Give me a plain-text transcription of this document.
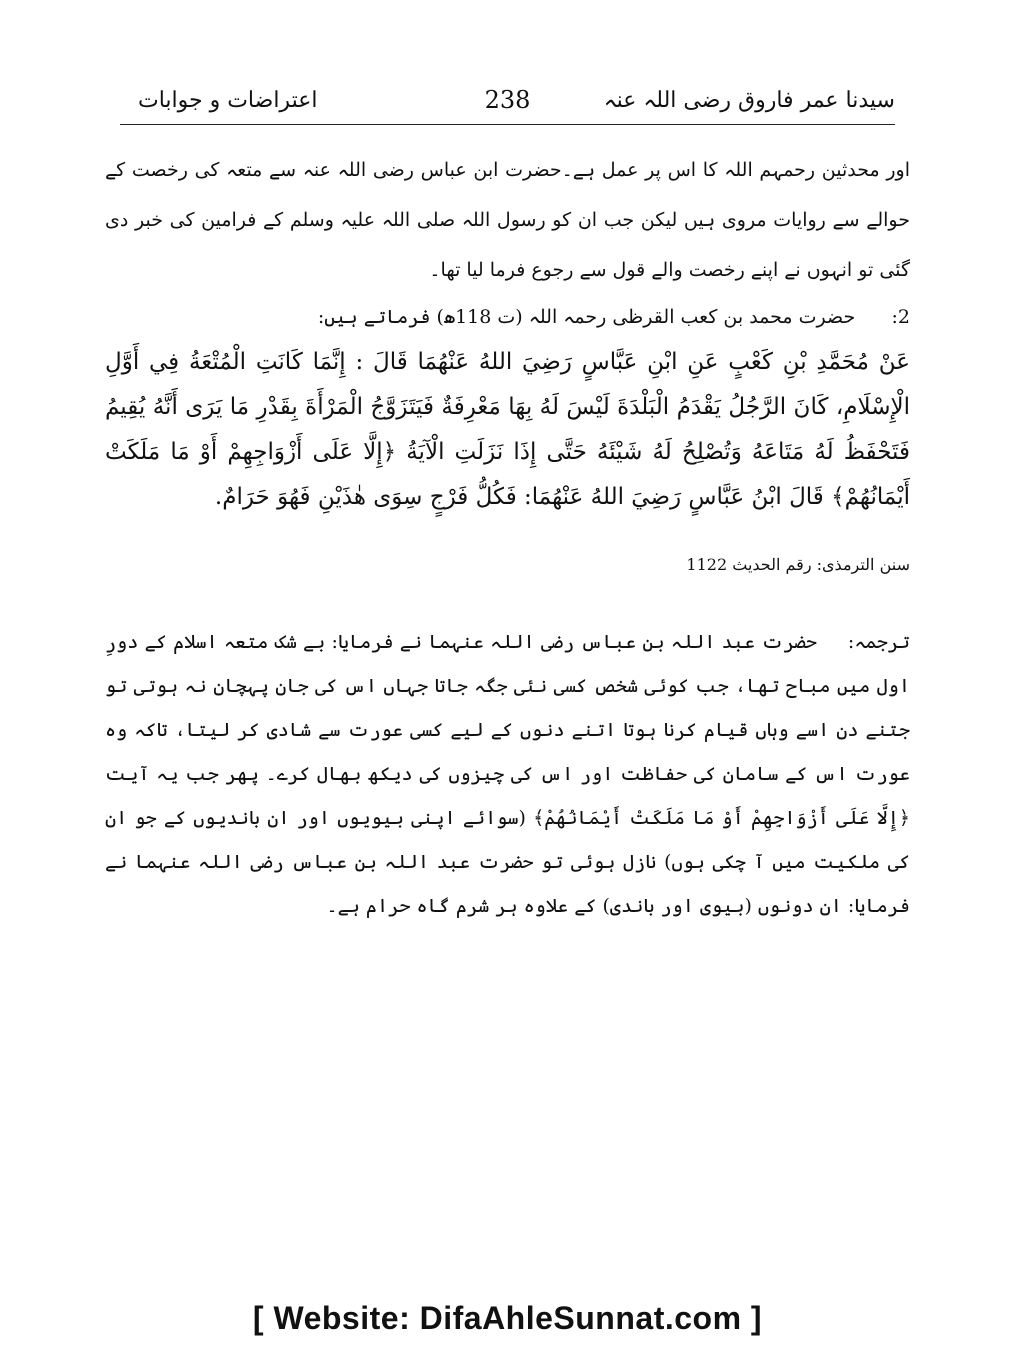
سیدنا عمر فاروق رضی اللہ عنہ
238
اعتراضات و جوابات
اور محدثین رحمہم اللہ کا اس پر عمل ہے۔حضرت ابن عباس رضی اللہ عنہ سے متعہ کی رخصت کے حوالے سے روایات مروی ہیں لیکن جب ان کو رسول اللہ صلی اللہ علیہ وسلم کے فرامین کی خبر دی گئی تو انہوں نے اپنے رخصت والے قول سے رجوع فرما لیا تھا۔
2:      حضرت محمد بن کعب القرظی رحمہ اللہ (ت 118ھ) فرماتے ہیں:
عَنْ مُحَمَّدِ بْنِ كَعْبٍ عَنِ ابْنِ عَبَّاسٍ رَضِيَ اللهُ عَنْهُمَا قَالَ : إِنَّمَا كَانَتِ الْمُتْعَةُ فِي أَوَّلِ الْإِسْلَامِ، كَانَ الرَّجُلُ يَقْدَمُ الْبَلْدَةَ لَيْسَ لَهُ بِهَا مَعْرِفَةٌ فَيَتَزَوَّجُ الْمَرْأَةَ بِقَدْرِ مَا يَرَى أَنَّهُ يُقِيمُ فَتَحْفَظُ لَهُ مَتَاعَهُ وَتُصْلِحُ لَهُ شَيْئَهُ حَتَّى إِذَا نَزَلَتِ الْآيَةُ ﴿إِلَّا عَلَى أَزْوَاجِهِمْ أَوْ مَا مَلَكَتْ أَيْمَانُهُمْ﴾ قَالَ ابْنُ عَبَّاسٍ رَضِيَ اللهُ عَنْهُمَا: فَكُلُّ فَرْجٍ سِوَى هٰذَيْنِ فَهُوَ حَرَامٌ.
سنن الترمذی: رقم الحدیث 1122
ترجمہ:     حضرت عبد اللہ بن عباس رضی اللہ عنہما نے فرمایا: بے شک متعہ اسلام کے دورِ اول میں مباح تھا، جب کوئی شخص کسی نئی جگہ جاتا جہاں اس کی جان پہچان نہ ہوتی تو جتنے دن اسے وہاں قیام کرنا ہوتا اتنے دنوں کے لیے کسی عورت سے شادی کر لیتا، تاکہ وہ عورت اس کے سامان کی حفاظت اور اس کی چیزوں کی دیکھ بھال کرے۔ پھر جب یہ آیت ﴿إِلَّا عَلَى أَزْوَاجِهِمْ أَوْ مَا مَلَكَتْ أَيْمَانُهُمْ﴾ (سوائے اپنی بیویوں اور ان باندیوں کے جو ان کی ملکیت میں آ چکی ہوں) نازل ہوئی تو حضرت عبد اللہ بن عباس رضی اللہ عنہما نے فرمایا: ان دونوں (بیوی اور باندی) کے علاوہ ہر شرم گاہ حرام ہے۔
[ Website: DifaAhleSunnat.com ]
